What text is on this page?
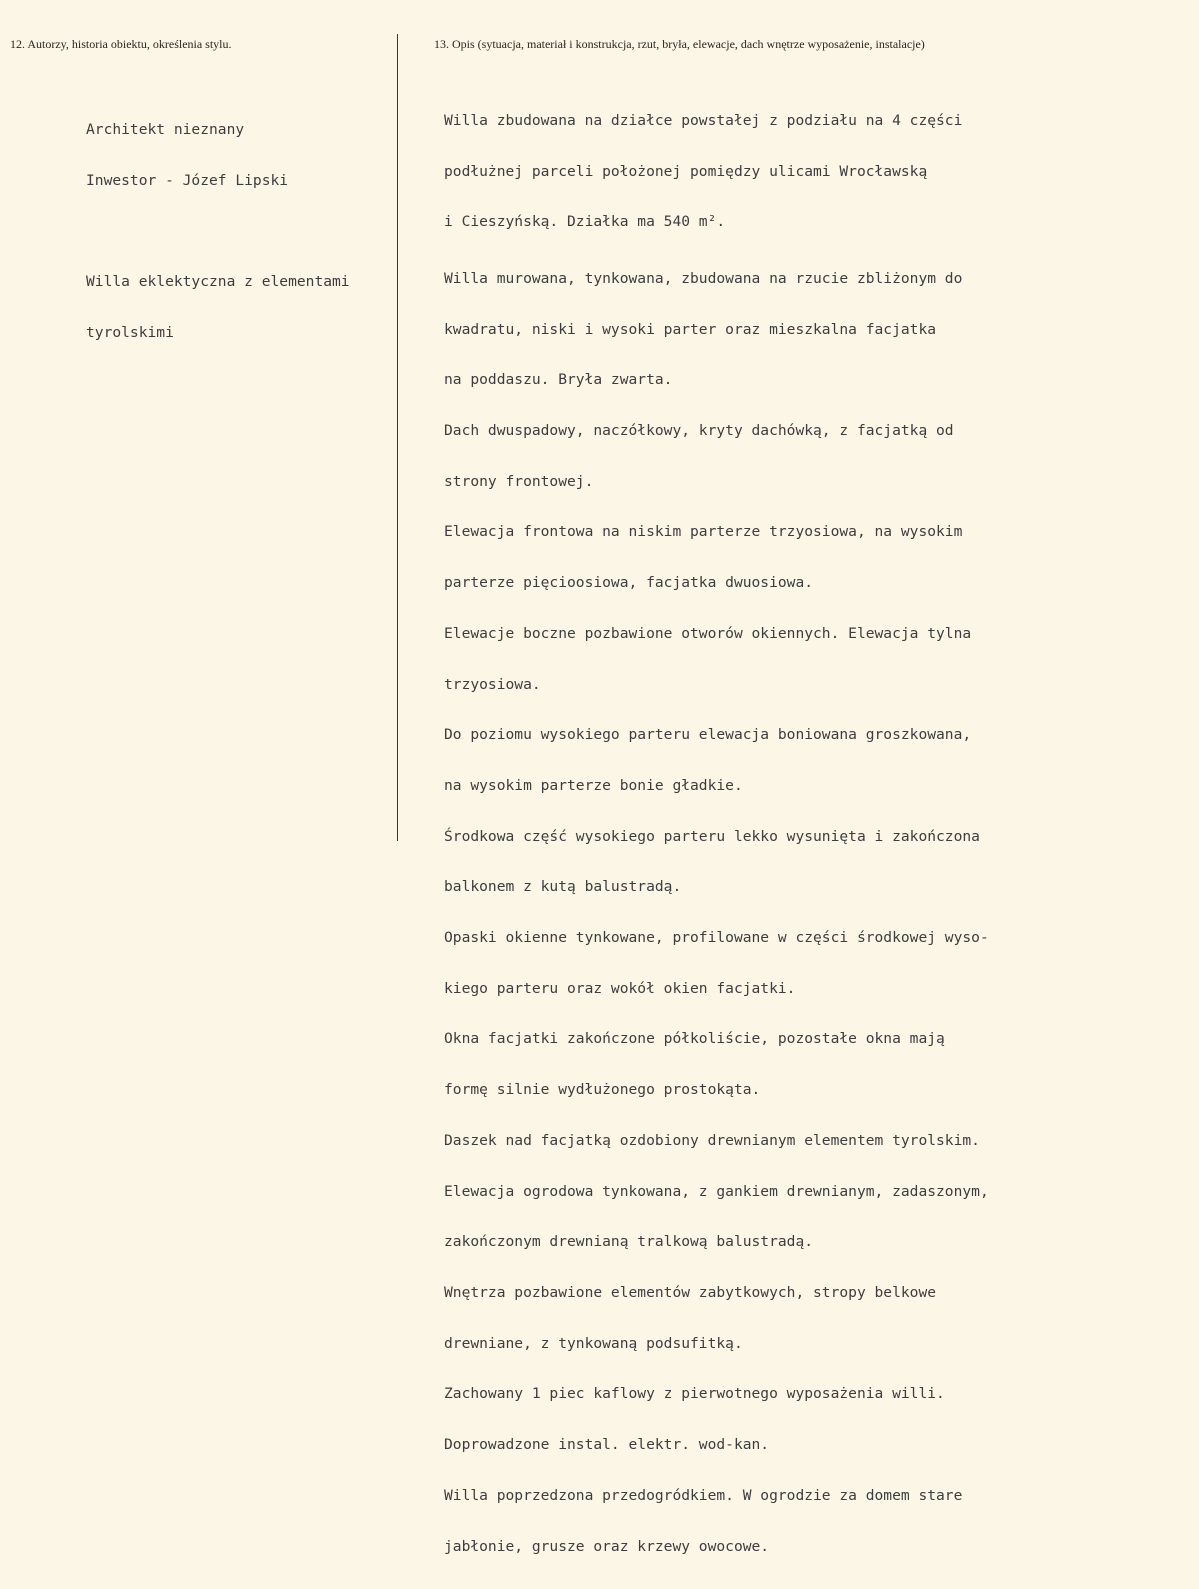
12. Autorzy, historia obiektu, określenia stylu.	13. Opis (sytuacja, materiał i konstrukcja, rzut, bryła, elewacje, dach wnętrze wyposażenie, instalacje)

Architekt nieznany

Inwestor - Józef Lipski

Willa eklektyczna z elementami

tyrolskimi

Willa zbudowana na działce powstałej z podziału na 4 części

podłużnej parceli położonej pomiędzy ulicami Wrocławską

i Cieszyńską. Działka ma 540 m².

Willa murowana, tynkowana, zbudowana na rzucie zbliżonym do

kwadratu, niski i wysoki parter oraz mieszkalna facjatka

na poddaszu. Bryła zwarta.

Dach dwuspadowy, naczółkowy, kryty dachówką, z facjatką od

strony frontowej.

Elewacja frontowa na niskim parterze trzyosiowa, na wysokim

parterze pięcioosiowa, facjatka dwuosiowa.

Elewacje boczne pozbawione otworów okiennych. Elewacja tylna

trzyosiowa.

Do poziomu wysokiego parteru elewacja boniowana groszkowana,

na wysokim parterze bonie gładkie.

Środkowa część wysokiego parteru lekko wysunięta i zakończona

balkonem z kutą balustradą.

Opaski okienne tynkowane, profilowane w części środkowej wyso-

kiego parteru oraz wokół okien facjatki.

Okna facjatki zakończone półkoliście, pozostałe okna mają

formę silnie wydłużonego prostokąta.

Daszek nad facjatką ozdobiony drewnianym elementem tyrolskim.

Elewacja ogrodowa tynkowana, z gankiem drewnianym, zadaszonym,

zakończonym drewnianą tralkową balustradą.

Wnętrza pozbawione elementów zabytkowych, stropy belkowe

drewniane, z tynkowaną podsufitką.

Zachowany 1 piec kaflowy z pierwotnego wyposażenia willi.

Doprowadzone instal. elektr. wod-kan.

Willa poprzedzona przedogródkiem. W ogrodzie za domem stare

jabłonie, grusze oraz krzewy owocowe.
